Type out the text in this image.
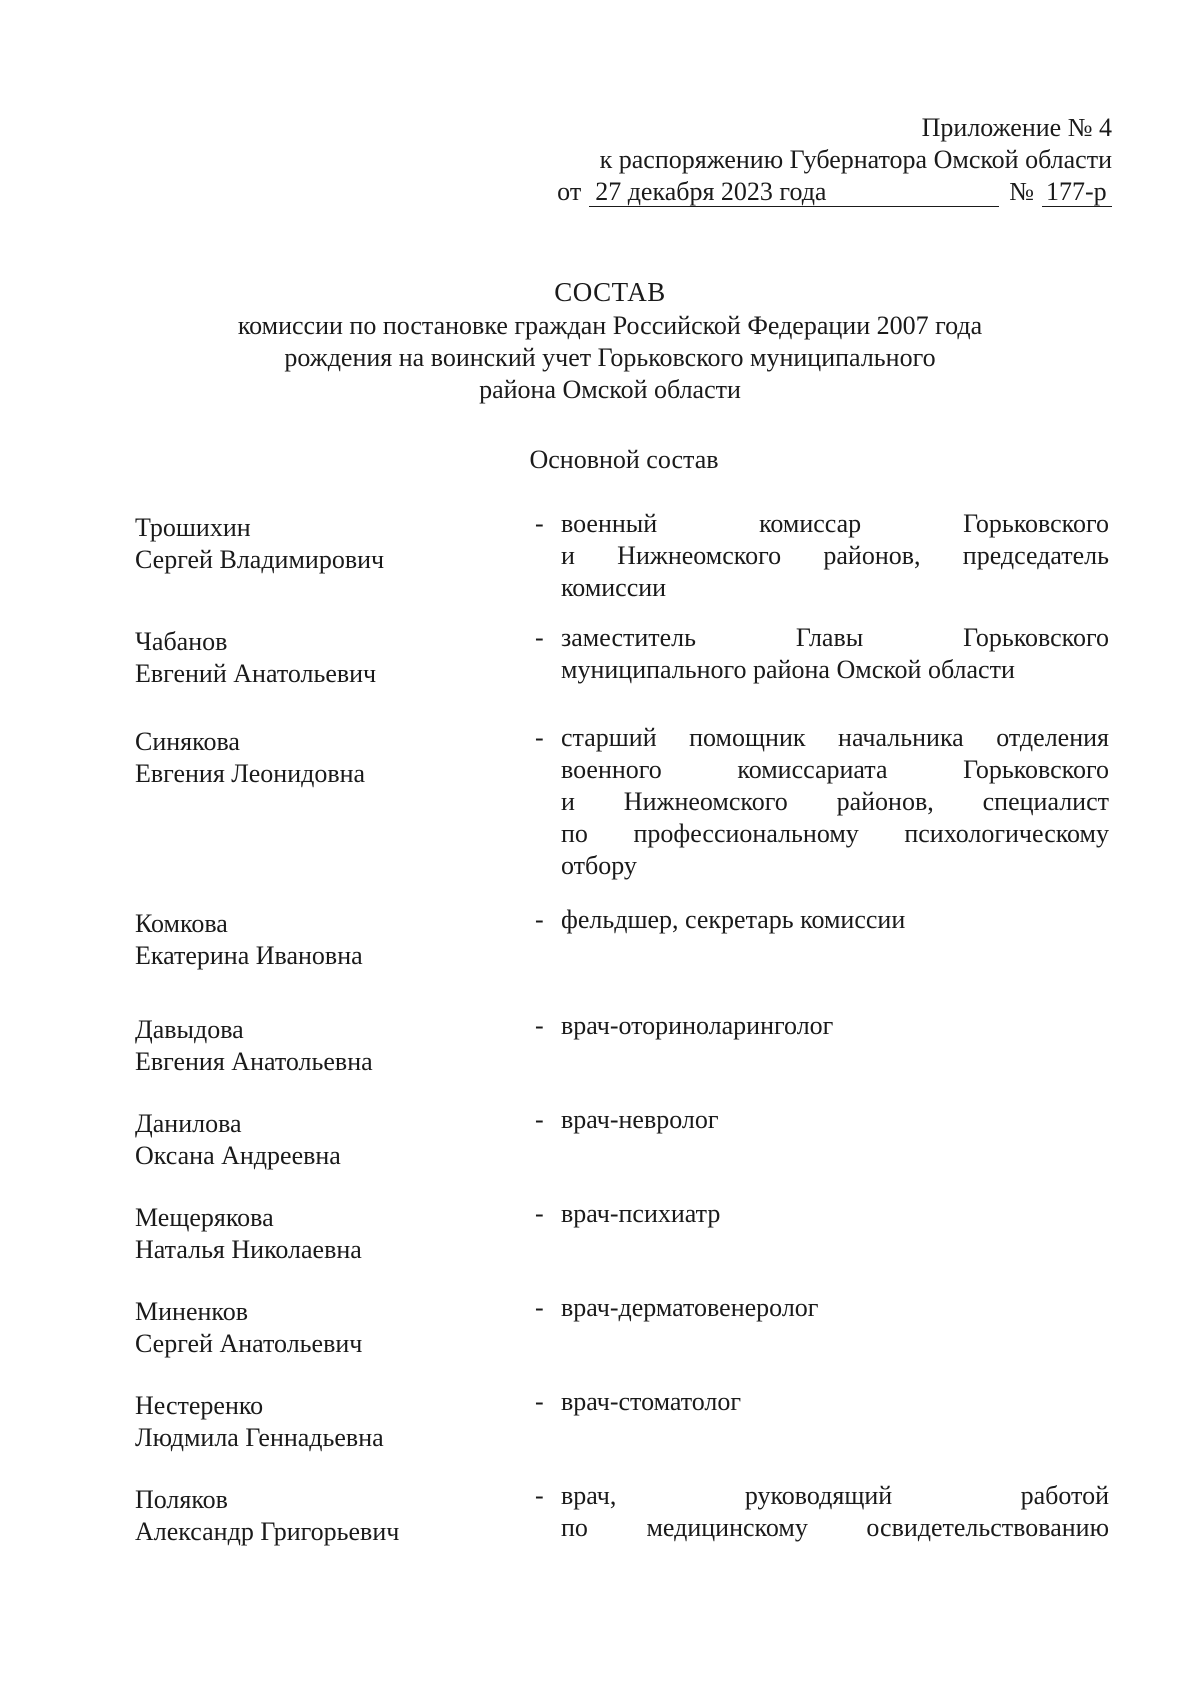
Приложение № 4
к распоряжению Губернатора Омской области
от 27 декабря 2023 года	№ 177-р
СОСТАВ
комиссии по постановке граждан Российской Федерации 2007 года
рождения на воинский учет Горьковского муниципального
района Омской области
Основной состав
Трошихин
Сергей Владимирович
- военный комиссар Горьковского
и Нижнеомского районов, председатель
комиссии
Чабанов
Евгений Анатольевич
- заместитель Главы Горьковского
муниципального района Омской области
Синякова
Евгения Леонидовна
- старший помощник начальника отделения
военного комиссариата Горьковского
и Нижнеомского районов, специалист
по профессиональному психологическому
отбору
Комкова
Екатерина Ивановна
- фельдшер, секретарь комиссии
Давыдова
Евгения Анатольевна
- врач-оториноларинголог
Данилова
Оксана Андреевна
- врач-невролог
Мещерякова
Наталья Николаевна
- врач-психиатр
Миненков
Сергей Анатольевич
- врач-дерматовенеролог
Нестеренко
Людмила Геннадьевна
- врач-стоматолог
Поляков
Александр Григорьевич
- врач, руководящий работой
по медицинскому освидетельствованию
